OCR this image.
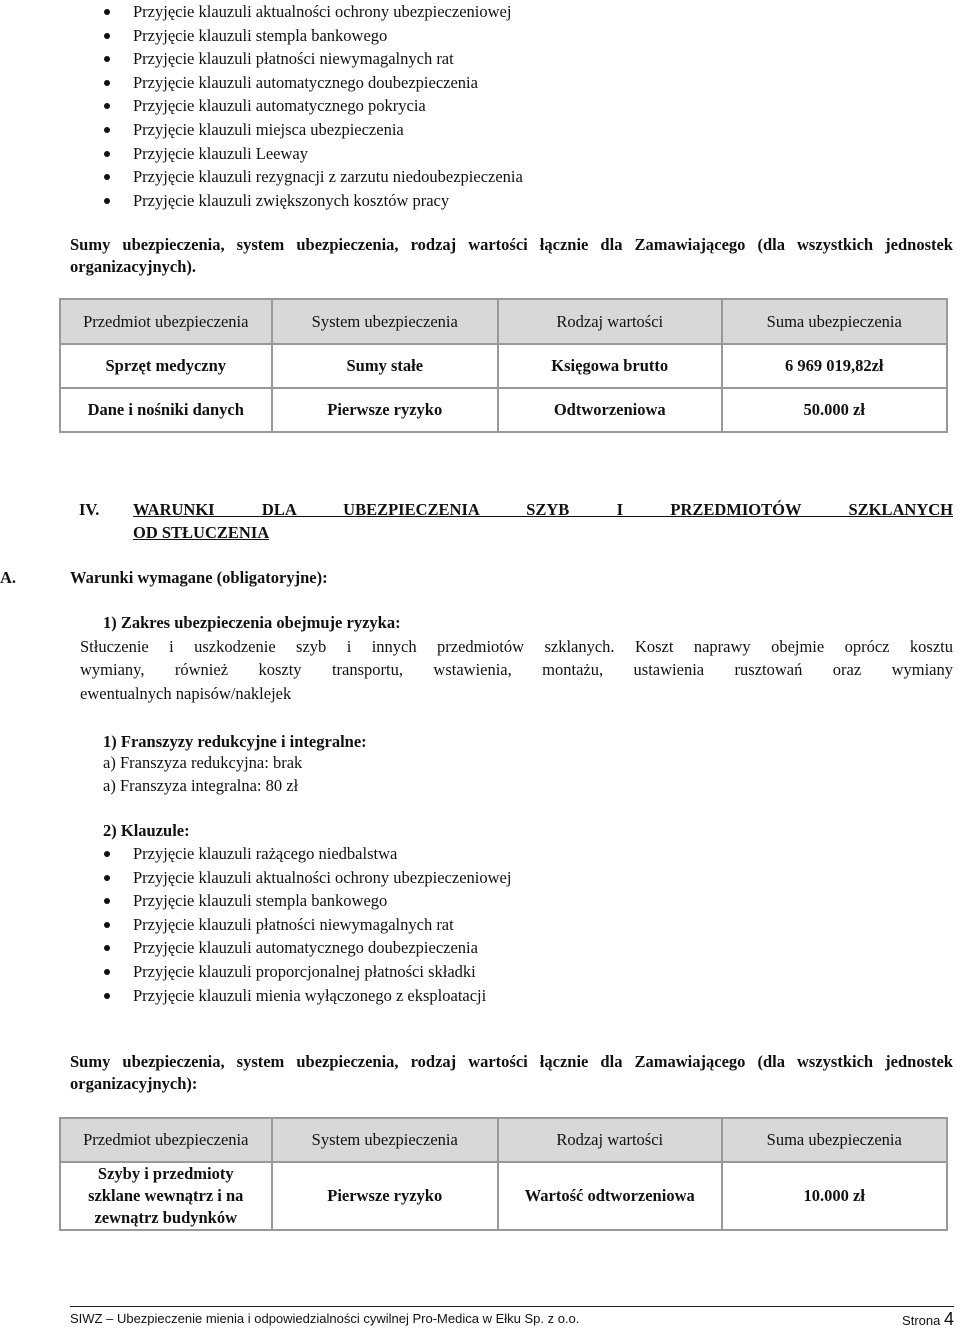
Przyjęcie klauzuli aktualności ochrony ubezpieczeniowej
Przyjęcie klauzuli stempla bankowego
Przyjęcie klauzuli płatności niewymagalnych rat
Przyjęcie klauzuli automatycznego doubezpieczenia
Przyjęcie klauzuli automatycznego pokrycia
Przyjęcie klauzuli miejsca ubezpieczenia
Przyjęcie klauzuli Leeway
Przyjęcie klauzuli rezygnacji z zarzutu niedoubezpieczenia
Przyjęcie klauzuli zwiększonych kosztów pracy
Sumy ubezpieczenia, system ubezpieczenia, rodzaj wartości łącznie dla Zamawiającego (dla wszystkich jednostek organizacyjnych).
Przedmiot ubezpieczenia	System ubezpieczenia	Rodzaj wartości	Suma ubezpieczenia
Sprzęt medyczny	Sumy stałe	Księgowa brutto	6 969 019,82zł
Dane i nośniki danych	Pierwsze ryzyko	Odtworzeniowa	50.000 zł
IV. WARUNKI DLA UBEZPIECZENIA SZYB I PRZEDMIOTÓW SZKLANYCH
OD STŁUCZENIA
A.	Warunki wymagane (obligatoryjne):
1) Zakres ubezpieczenia obejmuje ryzyka:
Stłuczenie i uszkodzenie szyb i innych przedmiotów szklanych. Koszt naprawy obejmie oprócz kosztu
wymiany, również koszty transportu, wstawienia, montażu, ustawienia rusztowań oraz wymiany
ewentualnych napisów/naklejek
1) Franszyzy redukcyjne i integralne:
a) Franszyza redukcyjna: brak
a) Franszyza integralna: 80 zł
2) Klauzule:
Przyjęcie klauzuli rażącego niedbalstwa
Przyjęcie klauzuli aktualności ochrony ubezpieczeniowej
Przyjęcie klauzuli stempla bankowego
Przyjęcie klauzuli płatności niewymagalnych rat
Przyjęcie klauzuli automatycznego doubezpieczenia
Przyjęcie klauzuli proporcjonalnej płatności składki
Przyjęcie klauzuli mienia wyłączonego z eksploatacji
Sumy ubezpieczenia, system ubezpieczenia, rodzaj wartości łącznie dla Zamawiającego (dla wszystkich jednostek organizacyjnych):
Przedmiot ubezpieczenia	System ubezpieczenia	Rodzaj wartości	Suma ubezpieczenia

Szyby i przedmioty
szklane wewnątrz i na
zewnątrz budynków	Pierwsze ryzyko	Wartość odtworzeniowa	10.000 zł
SIWZ – Ubezpieczenie mienia i odpowiedzialności cywilnej Pro-Medica w Ełku Sp. z o.o.	Strona 4
